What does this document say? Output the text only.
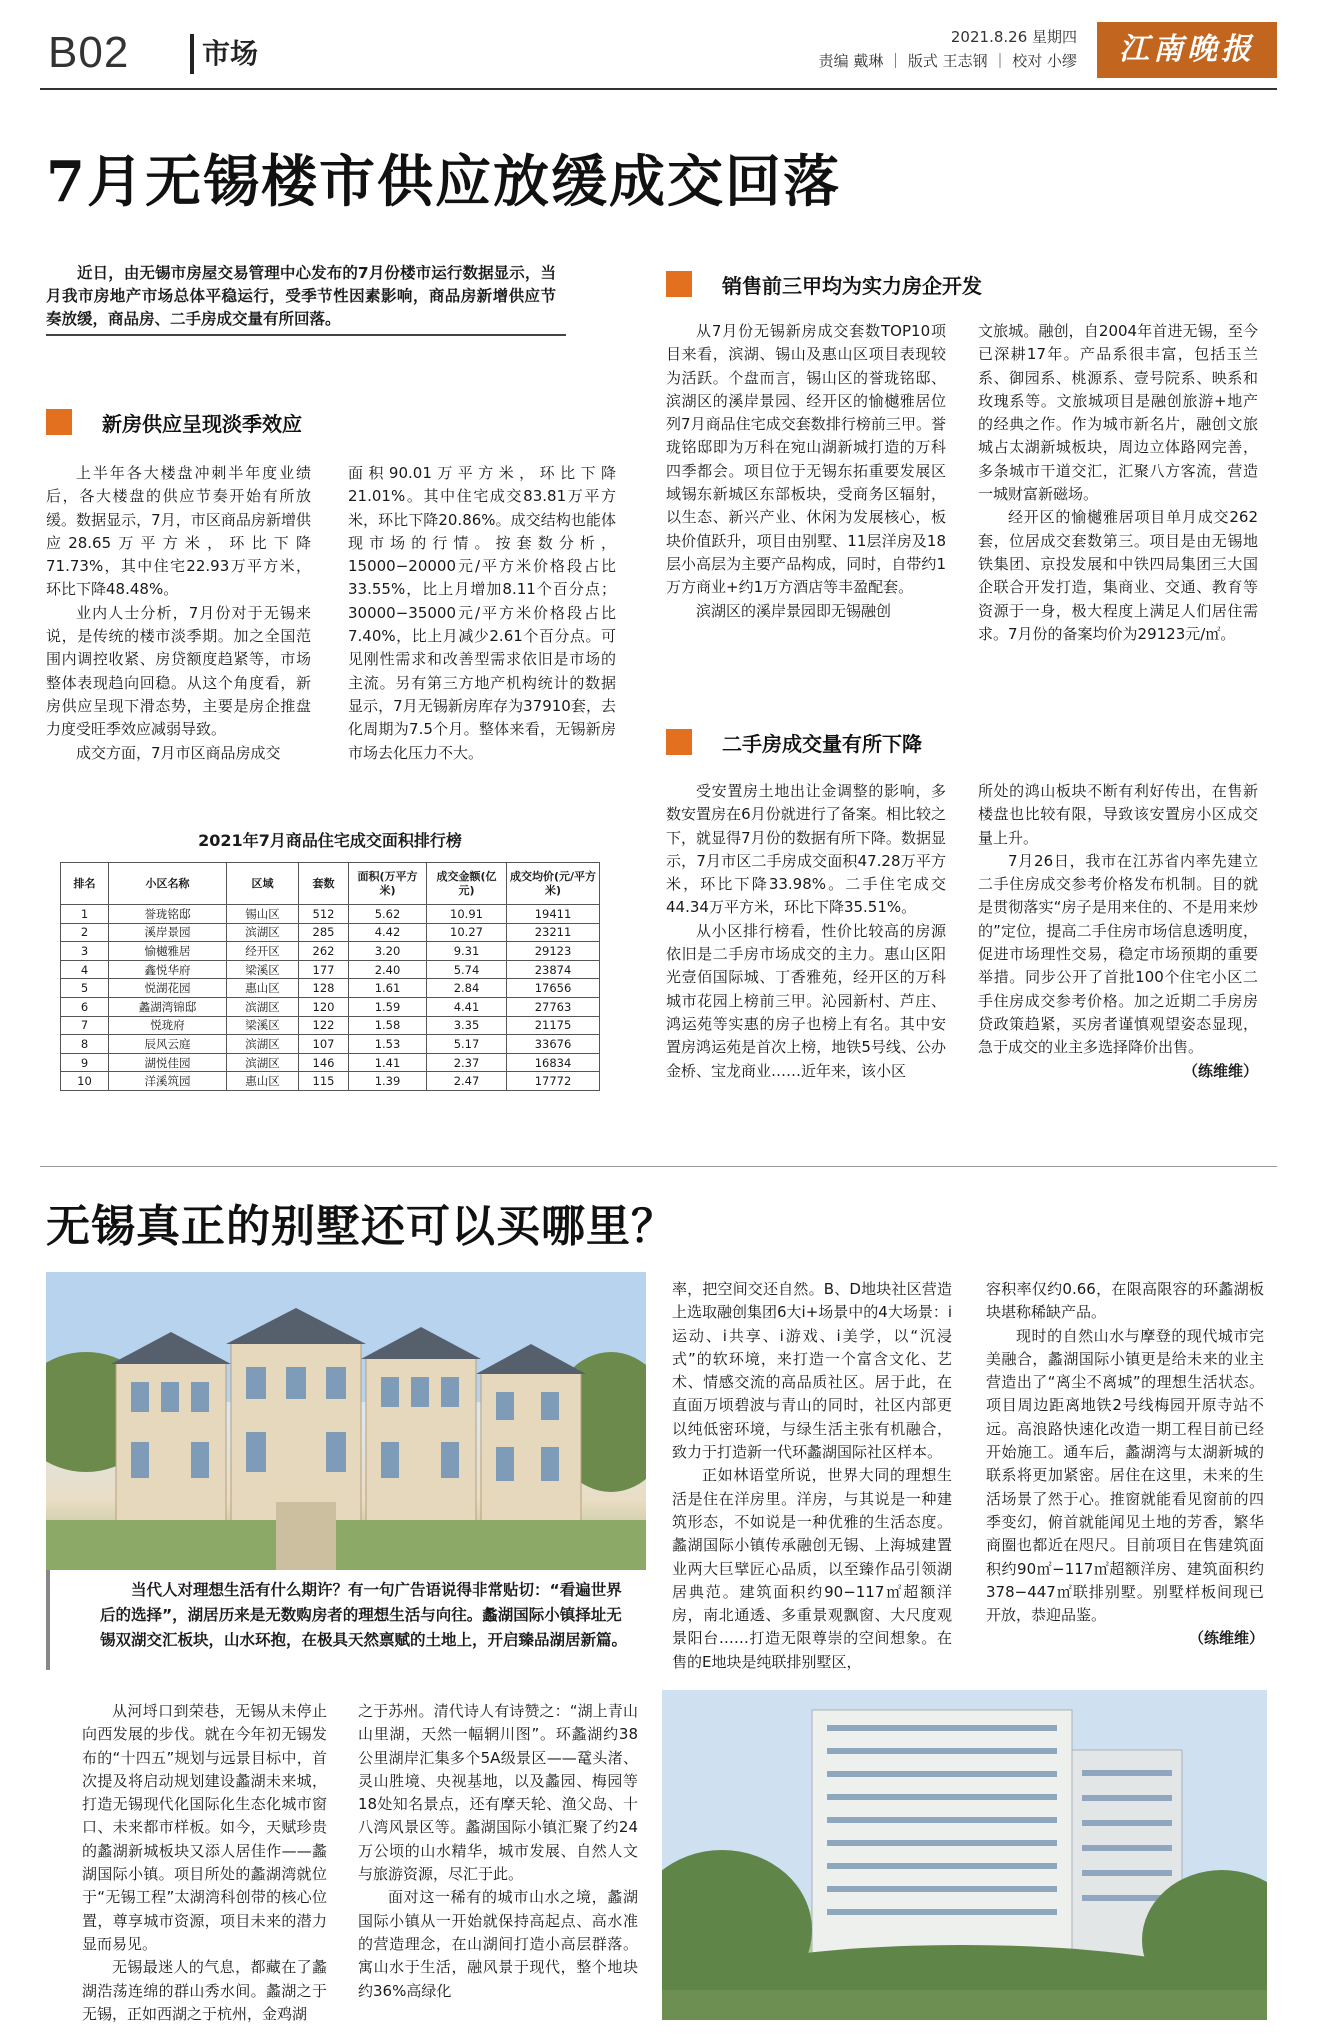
B02	市场	2021.8.26 星期四
责编 戴琳 ｜ 版式 王志钢 ｜ 校对 小缪	江南晚报
7月无锡楼市供应放缓成交回落
近日，由无锡市房屋交易管理中心发布的7月份楼市运行数据显示，当月我市房地产市场总体平稳运行，受季节性因素影响，商品房新增供应节奏放缓，商品房、二手房成交量有所回落。
新房供应呈现淡季效应

上半年各大楼盘冲刺半年度业绩后，各大楼盘的供应节奏开始有所放缓。数据显示，7月，市区商品房新增供应28.65万平方米，环比下降71.73%，其中住宅22.93万平方米，环比下降48.48%。

业内人士分析，7月份对于无锡来说，是传统的楼市淡季期。加之全国范围内调控收紧、房贷额度趋紧等，市场整体表现趋向回稳。从这个角度看，新房供应呈现下滑态势，主要是房企推盘力度受旺季效应减弱导致。

成交方面，7月市区商品房成交

面积90.01万平方米，环比下降21.01%。其中住宅成交83.81万平方米，环比下降20.86%。成交结构也能体现市场的行情。按套数分析，15000−20000元/平方米价格段占比33.55%，比上月增加8.11个百分点；30000−35000元/平方米价格段占比7.40%，比上月减少2.61个百分点。可见刚性需求和改善型需求依旧是市场的主流。另有第三方地产机构统计的数据显示，7月无锡新房库存为37910套，去化周期为7.5个月。整体来看，无锡新房市场去化压力不大。

2021年7月商品住宅成交面积排行榜
排名	小区名称	区域	套数	面积(万平方米)	成交金额(亿元)	成交均价(元/平方米)
1	誉珑铭邸	锡山区	512	5.62	10.91	19411
2	溪岸景园	滨湖区	285	4.42	10.27	23211
3	愉樾雅居	经开区	262	3.20	9.31	29123
4	鑫悦华府	梁溪区	177	2.40	5.74	23874
5	悦湖花园	惠山区	128	1.61	2.84	17656
6	蠡湖湾锦邸	滨湖区	120	1.59	4.41	27763
7	悦珑府	梁溪区	122	1.58	3.35	21175
8	辰风云庭	滨湖区	107	1.53	5.17	33676
9	湖悦佳园	滨湖区	146	1.41	2.37	16834
10	洋溪筑园	惠山区	115	1.39	2.47	17772
销售前三甲均为实力房企开发

从7月份无锡新房成交套数TOP10项目来看，滨湖、锡山及惠山区项目表现较为活跃。个盘而言，锡山区的誉珑铭邸、滨湖区的溪岸景园、经开区的愉樾雅居位列7月商品住宅成交套数排行榜前三甲。誉珑铭邸即为万科在宛山湖新城打造的万科四季都会。项目位于无锡东拓重要发展区域锡东新城区东部板块，受商务区辐射，以生态、新兴产业、休闲为发展核心，板块价值跃升，项目由别墅、11层洋房及18层小高层为主要产品构成，同时，自带约1万方商业+约1万方酒店等丰盈配套。

滨湖区的溪岸景园即无锡融创

文旅城。融创，自2004年首进无锡，至今已深耕17年。产品系很丰富，包括玉兰系、御园系、桃源系、壹号院系、映系和玫瑰系等。文旅城项目是融创旅游+地产的经典之作。作为城市新名片，融创文旅城占太湖新城板块，周边立体路网完善，多条城市干道交汇，汇聚八方客流，营造一城财富新磁场。

经开区的愉樾雅居项目单月成交262套，位居成交套数第三。项目是由无锡地铁集团、京投发展和中铁四局集团三大国企联合开发打造，集商业、交通、教育等资源于一身，极大程度上满足人们居住需求。7月份的备案均价为29123元/㎡。

二手房成交量有所下降

受安置房土地出让金调整的影响，多数安置房在6月份就进行了备案。相比较之下，就显得7月份的数据有所下降。数据显示，7月市区二手房成交面积47.28万平方米，环比下降33.98%。二手住宅成交44.34万平方米，环比下降35.51%。

从小区排行榜看，性价比较高的房源依旧是二手房市场成交的主力。惠山区阳光壹佰国际城、丁香雅苑，经开区的万科城市花园上榜前三甲。沁园新村、芦庄、鸿运苑等实惠的房子也榜上有名。其中安置房鸿运苑是首次上榜，地铁5号线、公办金桥、宝龙商业……近年来，该小区

所处的鸿山板块不断有利好传出，在售新楼盘也比较有限，导致该安置房小区成交量上升。

7月26日，我市在江苏省内率先建立二手住房成交参考价格发布机制。目的就是贯彻落实“房子是用来住的、不是用来炒的”定位，提高二手住房市场信息透明度，促进市场理性交易，稳定市场预期的重要举措。同步公开了首批100个住宅小区二手住房成交参考价格。加之近期二手房房贷政策趋紧，买房者谨慎观望姿态显现，急于成交的业主多选择降价出售。

（练维维）

无锡真正的别墅还可以买哪里？
当代人对理想生活有什么期许？有一句广告语说得非常贴切：“看遍世界后的选择”，湖居历来是无数购房者的理想生活与向往。蠡湖国际小镇择址无锡双湖交汇板块，山水环抱，在极具天然禀赋的土地上，开启臻品湖居新篇。

从河埒口到荣巷，无锡从未停止向西发展的步伐。就在今年初无锡发布的“十四五”规划与远景目标中，首次提及将启动规划建设蠡湖未来城，打造无锡现代化国际化生态化城市窗口、未来都市样板。如今，天赋珍贵的蠡湖新城板块又添人居佳作——蠡湖国际小镇。项目所处的蠡湖湾就位于“无锡工程”太湖湾科创带的核心位置，尊享城市资源，项目未来的潜力显而易见。

无锡最迷人的气息，都藏在了蠡湖浩荡连绵的群山秀水间。蠡湖之于无锡，正如西湖之于杭州，金鸡湖

之于苏州。清代诗人有诗赞之：“湖上青山山里湖，天然一幅辋川图”。环蠡湖约38公里湖岸汇集多个5A级景区——鼋头渚、灵山胜境、央视基地，以及蠡园、梅园等18处知名景点，还有摩天轮、渔父岛、十八湾风景区等。蠡湖国际小镇汇聚了约24万公顷的山水精华，城市发展、自然人文与旅游资源，尽汇于此。

面对这一稀有的城市山水之境，蠡湖国际小镇从一开始就保持高起点、高水准的营造理念，在山湖间打造小高层群落。寓山水于生活，融风景于现代，整个地块约36%高绿化

率，把空间交还自然。B、D地块社区营造上选取融创集团6大i+场景中的4大场景：i运动、i共享、i游戏、i美学，以“沉浸式”的软环境，来打造一个富含文化、艺术、情感交流的高品质社区。居于此，在直面万顷碧波与青山的同时，社区内部更以纯低密环境，与绿生活主张有机融合，致力于打造新一代环蠡湖国际社区样本。

正如林语堂所说，世界大同的理想生活是住在洋房里。洋房，与其说是一种建筑形态，不如说是一种优雅的生活态度。蠡湖国际小镇传承融创无锡、上海城建置业两大巨擘匠心品质，以至臻作品引领湖居典范。建筑面积约90−117㎡超额洋房，南北通透、多重景观飘窗、大尺度观景阳台……打造无限尊崇的空间想象。在售的E地块是纯联排别墅区，

容积率仅约0.66，在限高限容的环蠡湖板块堪称稀缺产品。

现时的自然山水与摩登的现代城市完美融合，蠡湖国际小镇更是给未来的业主营造出了“离尘不离城”的理想生活状态。项目周边距离地铁2号线梅园开原寺站不远。高浪路快速化改造一期工程目前已经开始施工。通车后，蠡湖湾与太湖新城的联系将更加紧密。居住在这里，未来的生活场景了然于心。推窗就能看见窗前的四季变幻，俯首就能闻见土地的芳香，繁华商圈也都近在咫尺。目前项目在售建筑面积约90㎡−117㎡超额洋房、建筑面积约378−447㎡联排别墅。别墅样板间现已开放，恭迎品鉴。

（练维维）
